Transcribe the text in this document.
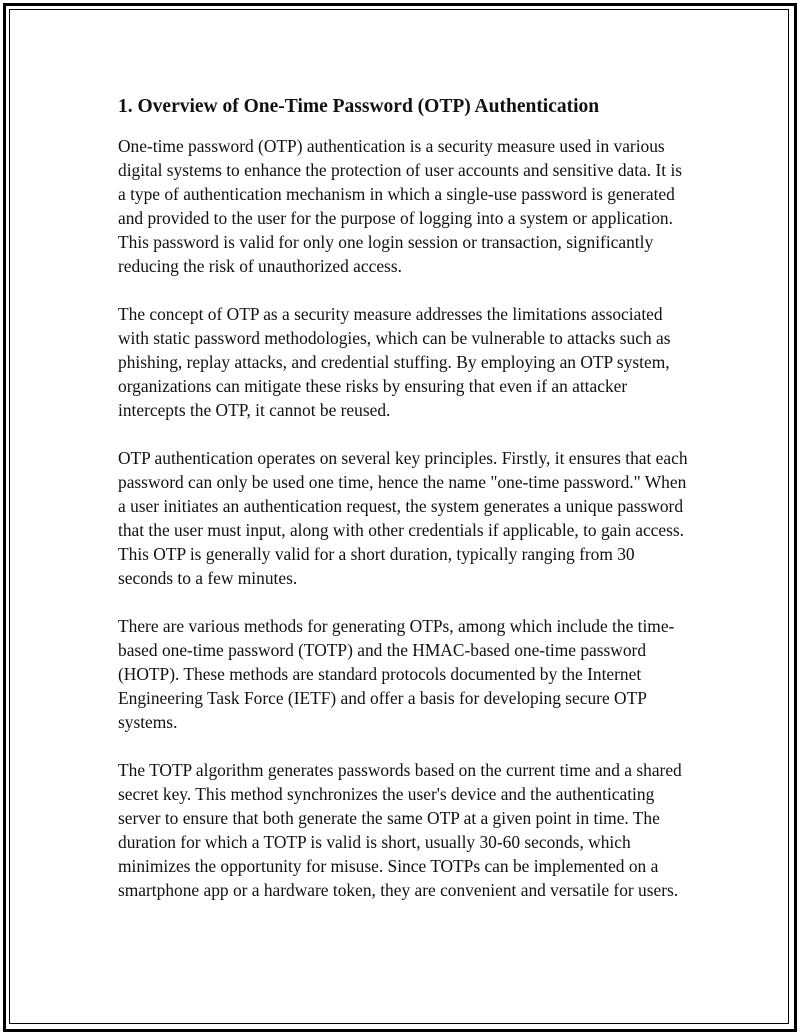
1. Overview of One-Time Password (OTP) Authentication

One-time password (OTP) authentication is a security measure used in various digital systems to enhance the protection of user accounts and sensitive data. It is a type of authentication mechanism in which a single-use password is generated and provided to the user for the purpose of logging into a system or application. This password is valid for only one login session or transaction, significantly reducing the risk of unauthorized access.

The concept of OTP as a security measure addresses the limitations associated with static password methodologies, which can be vulnerable to attacks such as phishing, replay attacks, and credential stuffing. By employing an OTP system, organizations can mitigate these risks by ensuring that even if an attacker intercepts the OTP, it cannot be reused.

OTP authentication operates on several key principles. Firstly, it ensures that each password can only be used one time, hence the name "one-time password." When a user initiates an authentication request, the system generates a unique password that the user must input, along with other credentials if applicable, to gain access. This OTP is generally valid for a short duration, typically ranging from 30 seconds to a few minutes.

There are various methods for generating OTPs, among which include the time-based one-time password (TOTP) and the HMAC-based one-time password (HOTP). These methods are standard protocols documented by the Internet Engineering Task Force (IETF) and offer a basis for developing secure OTP systems.

The TOTP algorithm generates passwords based on the current time and a shared secret key. This method synchronizes the user's device and the authenticating server to ensure that both generate the same OTP at a given point in time. The duration for which a TOTP is valid is short, usually 30-60 seconds, which minimizes the opportunity for misuse. Since TOTPs can be implemented on a smartphone app or a hardware token, they are convenient and versatile for users.
